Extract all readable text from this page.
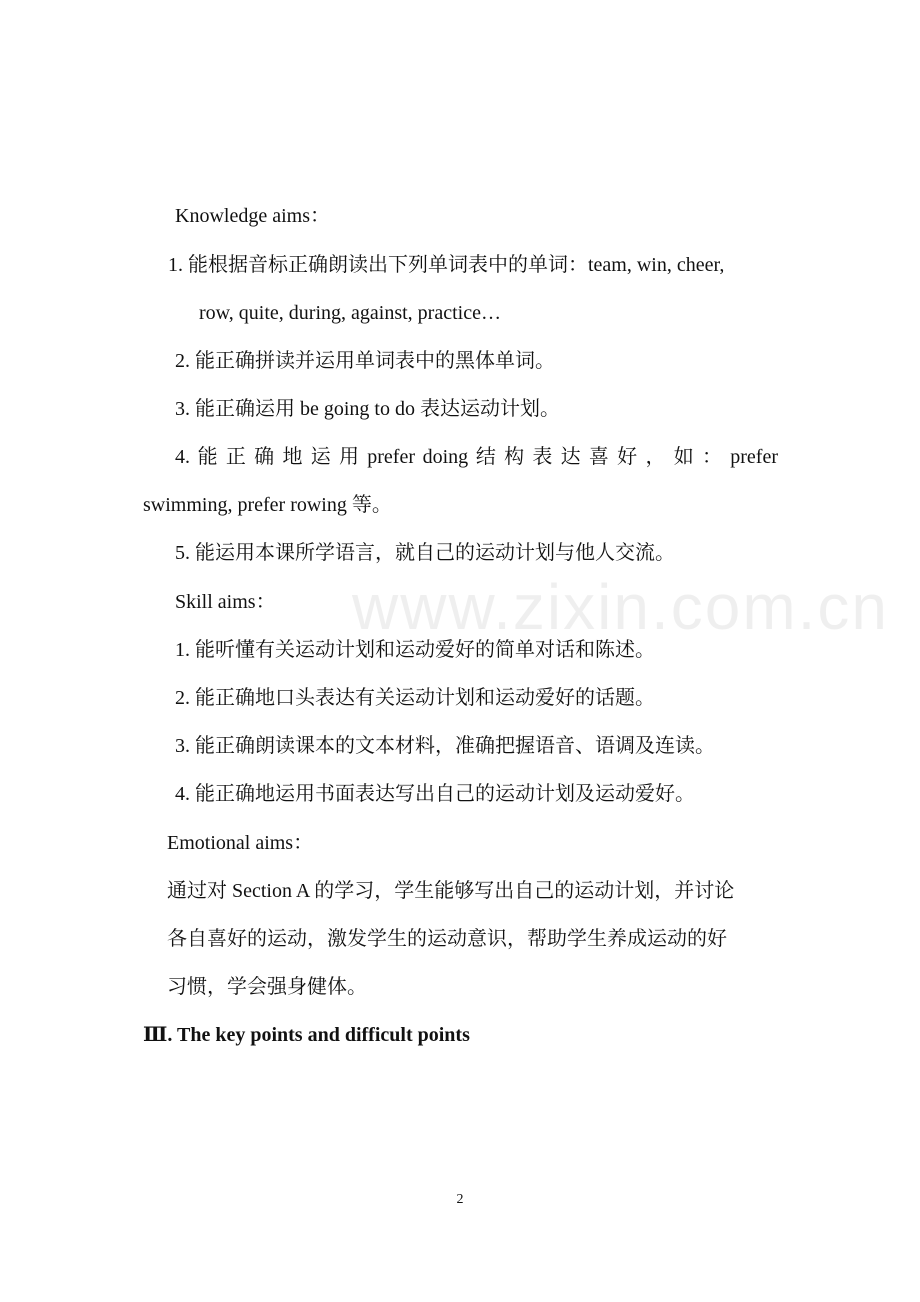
www.zixin.com.cn

Knowledge aims：

1. 能根据音标正确朗读出下列单词表中的单词：team, win, cheer,

row, quite, during, against, practice…

2. 能正确拼读并运用单词表中的黑体单词。

3. 能正确运用 be going to do 表达运动计划。

4. 能 正 确 地 运 用 prefer doing 结 构 表 达 喜 好 ， 如 ： prefer

swimming, prefer rowing 等。

5. 能运用本课所学语言，就自己的运动计划与他人交流。

Skill aims：

1. 能听懂有关运动计划和运动爱好的简单对话和陈述。

2. 能正确地口头表达有关运动计划和运动爱好的话题。

3. 能正确朗读课本的文本材料，准确把握语音、语调及连读。

4. 能正确地运用书面表达写出自己的运动计划及运动爱好。

Emotional aims：

通过对 Section A 的学习，学生能够写出自己的运动计划，并讨论

各自喜好的运动，激发学生的运动意识，帮助学生养成运动的好

习惯，学会强身健体。

Ⅲ. The key points and difficult points

2
